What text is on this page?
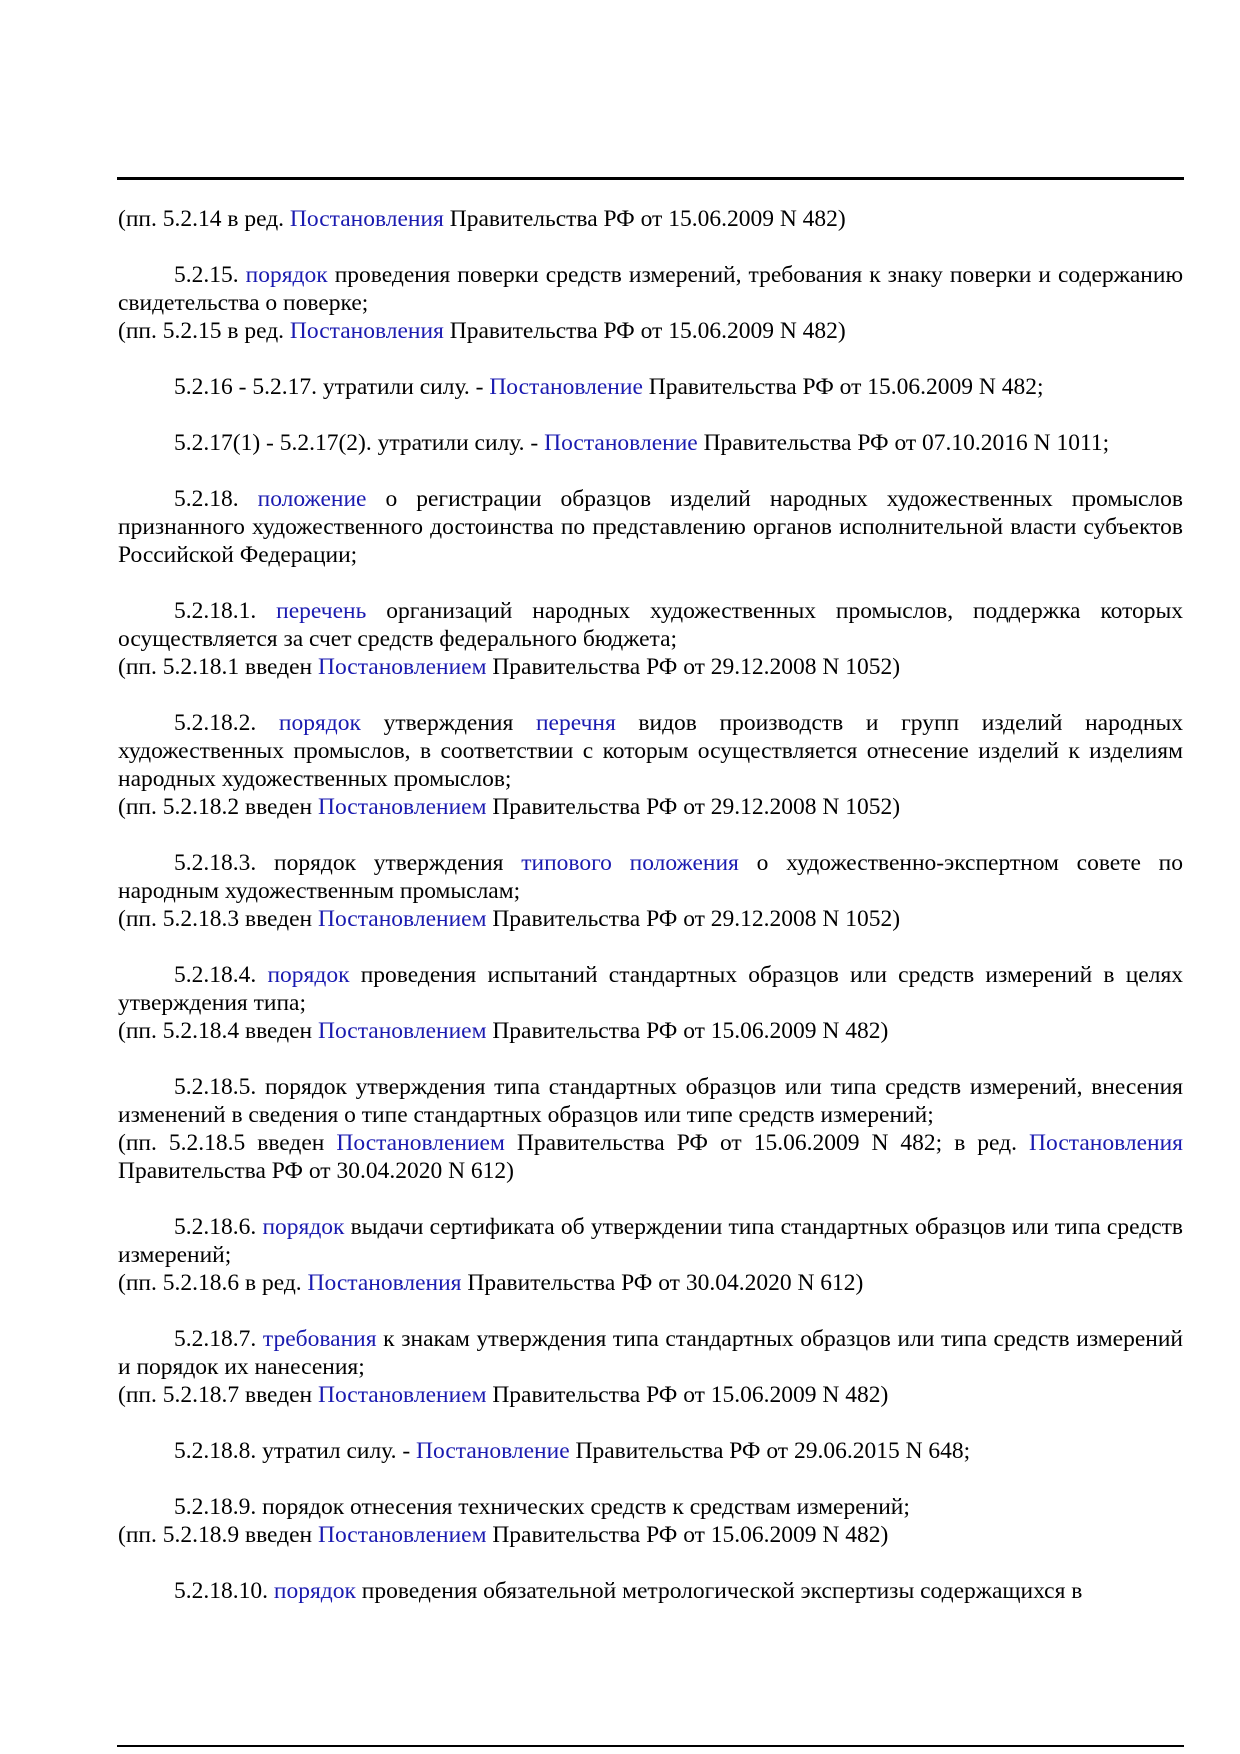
(пп. 5.2.14 в ред. Постановления Правительства РФ от 15.06.2009 N 482)

5.2.15. порядок проведения поверки средств измерений, требования к знаку поверки и содержанию свидетельства о поверке;

(пп. 5.2.15 в ред. Постановления Правительства РФ от 15.06.2009 N 482)

5.2.16 - 5.2.17. утратили силу. - Постановление Правительства РФ от 15.06.2009 N 482;

5.2.17(1) - 5.2.17(2). утратили силу. - Постановление Правительства РФ от 07.10.2016 N 1011;

5.2.18. положение о регистрации образцов изделий народных художественных промыслов признанного художественного достоинства по представлению органов исполнительной власти субъектов Российской Федерации;

5.2.18.1. перечень организаций народных художественных промыслов, поддержка которых осуществляется за счет средств федерального бюджета;

(пп. 5.2.18.1 введен Постановлением Правительства РФ от 29.12.2008 N 1052)

5.2.18.2. порядок утверждения перечня видов производств и групп изделий народных художественных промыслов, в соответствии с которым осуществляется отнесение изделий к изделиям народных художественных промыслов;

(пп. 5.2.18.2 введен Постановлением Правительства РФ от 29.12.2008 N 1052)

5.2.18.3. порядок утверждения типового положения о художественно-экспертном совете по народным художественным промыслам;

(пп. 5.2.18.3 введен Постановлением Правительства РФ от 29.12.2008 N 1052)

5.2.18.4. порядок проведения испытаний стандартных образцов или средств измерений в целях утверждения типа;

(пп. 5.2.18.4 введен Постановлением Правительства РФ от 15.06.2009 N 482)

5.2.18.5. порядок утверждения типа стандартных образцов или типа средств измерений, внесения изменений в сведения о типе стандартных образцов или типе средств измерений;

(пп. 5.2.18.5 введен Постановлением Правительства РФ от 15.06.2009 N 482; в ред. Постановления Правительства РФ от 30.04.2020 N 612)

5.2.18.6. порядок выдачи сертификата об утверждении типа стандартных образцов или типа средств измерений;

(пп. 5.2.18.6 в ред. Постановления Правительства РФ от 30.04.2020 N 612)

5.2.18.7. требования к знакам утверждения типа стандартных образцов или типа средств измерений и порядок их нанесения;

(пп. 5.2.18.7 введен Постановлением Правительства РФ от 15.06.2009 N 482)

5.2.18.8. утратил силу. - Постановление Правительства РФ от 29.06.2015 N 648;

5.2.18.9. порядок отнесения технических средств к средствам измерений;

(пп. 5.2.18.9 введен Постановлением Правительства РФ от 15.06.2009 N 482)

5.2.18.10. порядок проведения обязательной метрологической экспертизы содержащихся в
